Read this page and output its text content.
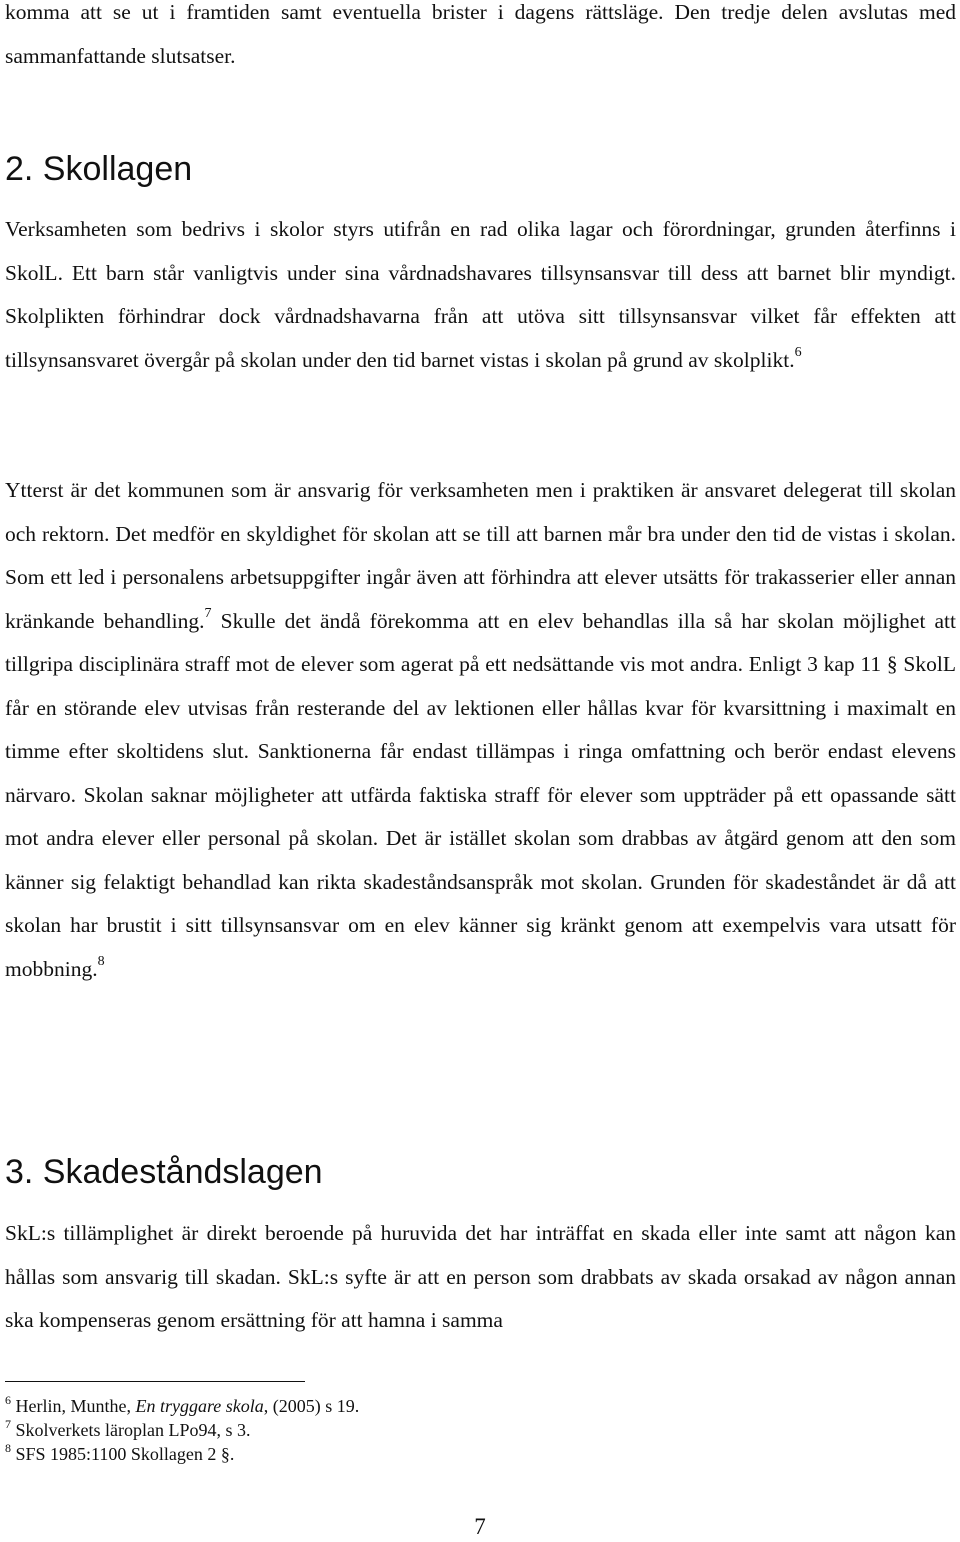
komma att se ut i framtiden samt eventuella brister i dagens rättsläge. Den tredje delen avslutas med sammanfattande slutsatser.

2. Skollagen

Verksamheten som bedrivs i skolor styrs utifrån en rad olika lagar och förordningar, grunden återfinns i SkolL. Ett barn står vanligtvis under sina vårdnadshavares tillsynsansvar till dess att barnet blir myndigt. Skolplikten förhindrar dock vårdnadshavarna från att utöva sitt tillsynsansvar vilket får effekten att tillsynsansvaret övergår på skolan under den tid barnet vistas i skolan på grund av skolplikt.$^6$

Ytterst är det kommunen som är ansvarig för verksamheten men i praktiken är ansvaret delegerat till skolan och rektorn. Det medför en skyldighet för skolan att se till att barnen mår bra under den tid de vistas i skolan. Som ett led i personalens arbetsuppgifter ingår även att förhindra att elever utsätts för trakasserier eller annan kränkande behandling.$^7$ Skulle det ändå förekomma att en elev behandlas illa så har skolan möjlighet att tillgripa disciplinära straff mot de elever som agerat på ett nedsättande vis mot andra. Enligt 3 kap 11 § SkolL får en störande elev utvisas från resterande del av lektionen eller hållas kvar för kvarsittning i maximalt en timme efter skoltidens slut. Sanktionerna får endast tillämpas i ringa omfattning och berör endast elevens närvaro. Skolan saknar möjligheter att utfärda faktiska straff för elever som uppträder på ett opassande sätt mot andra elever eller personal på skolan. Det är istället skolan som drabbas av åtgärd genom att den som känner sig felaktigt behandlad kan rikta skadeståndsanspråk mot skolan. Grunden för skadeståndet är då att skolan har brustit i sitt tillsynsansvar om en elev känner sig kränkt genom att exempelvis vara utsatt för mobbning.$^8$

3. Skadeståndslagen

SkL:s tillämplighet är direkt beroende på huruvida det har inträffat en skada eller inte samt att någon kan hållas som ansvarig till skadan. SkL:s syfte är att en person som drabbats av skada orsakad av någon annan ska kompenseras genom ersättning för att hamna i samma

$^6$ Herlin, Munthe, En tryggare skola, (2005) s 19.
$^7$ Skolverkets läroplan LPo94, s 3.
$^8$ SFS 1985:1100 Skollagen 2 §.
7
